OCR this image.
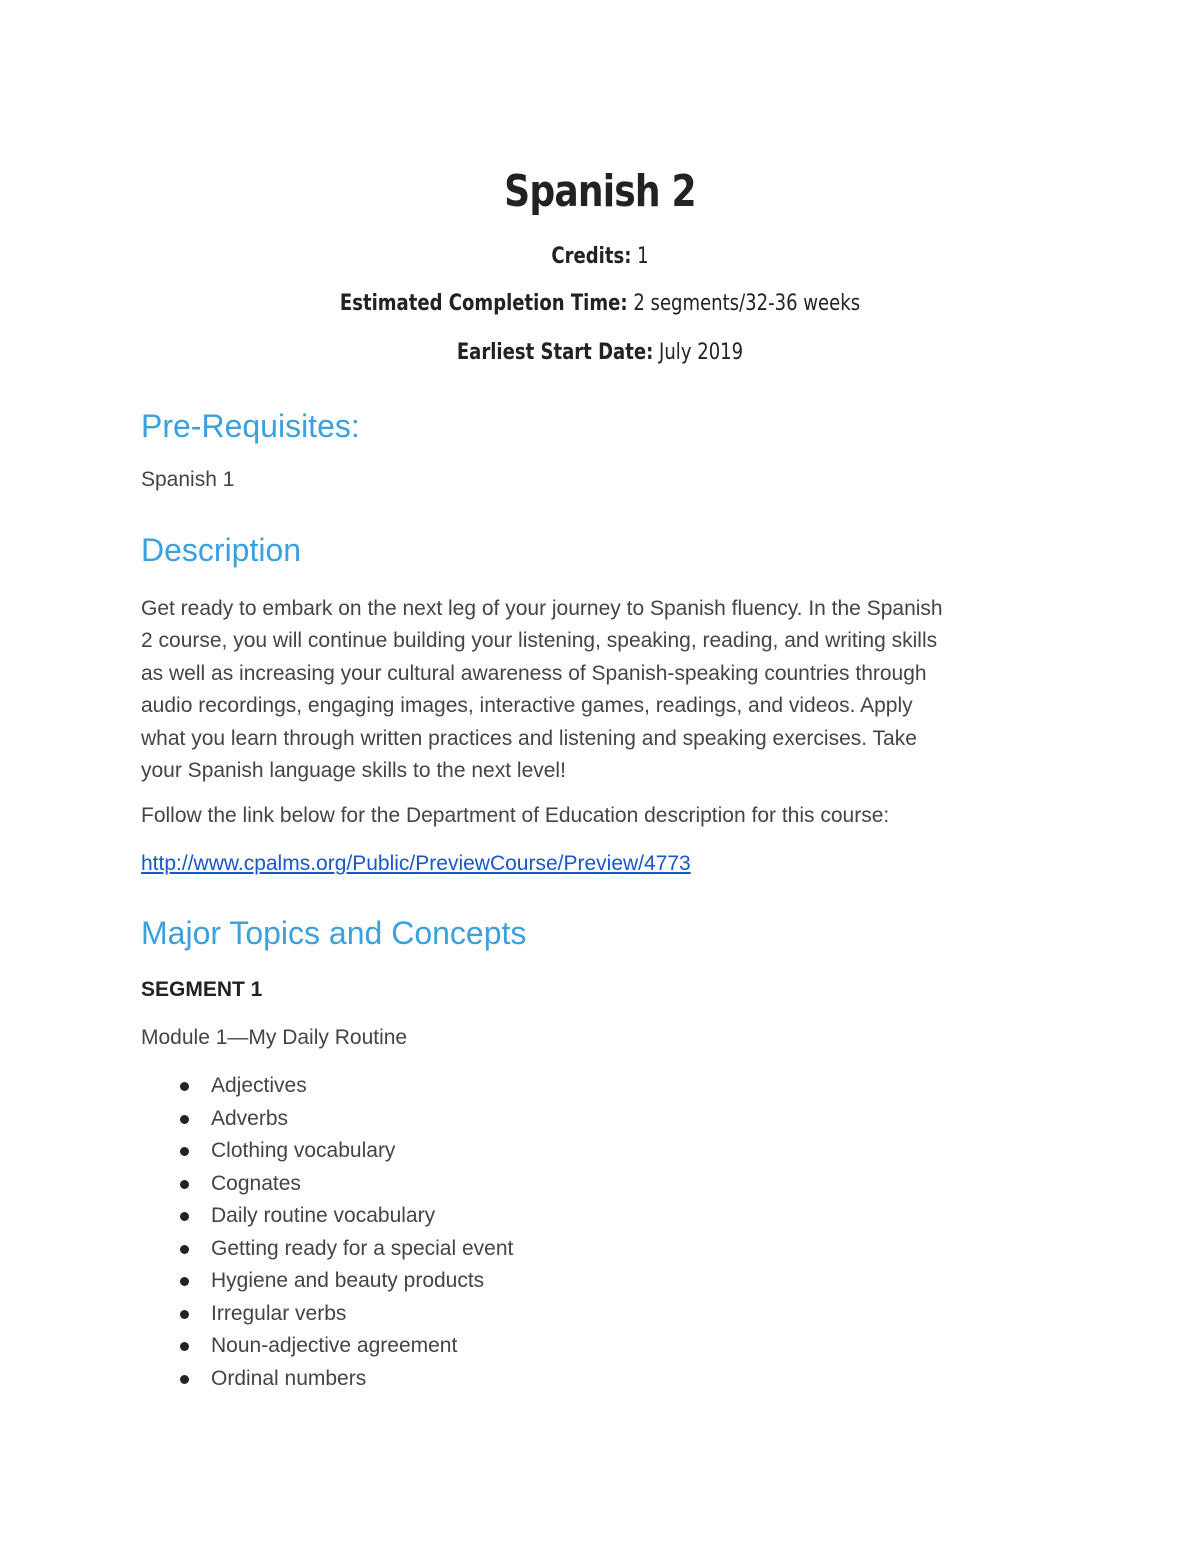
Spanish 2
Credits: 1
Estimated Completion Time: 2 segments/32-36 weeks
Earliest Start Date: July 2019
Pre-Requisites:
Spanish 1
Description
Get ready to embark on the next leg of your journey to Spanish fluency. In the Spanish
2 course, you will continue building your listening, speaking, reading, and writing skills
as well as increasing your cultural awareness of Spanish-speaking countries through
audio recordings, engaging images, interactive games, readings, and videos. Apply
what you learn through written practices and listening and speaking exercises. Take
your Spanish language skills to the next level!
Follow the link below for the Department of Education description for this course:
http://www.cpalms.org/Public/PreviewCourse/Preview/4773
Major Topics and Concepts
SEGMENT 1
Module 1—My Daily Routine
Adjectives
Adverbs
Clothing vocabulary
Cognates
Daily routine vocabulary
Getting ready for a special event
Hygiene and beauty products
Irregular verbs
Noun-adjective agreement
Ordinal numbers
